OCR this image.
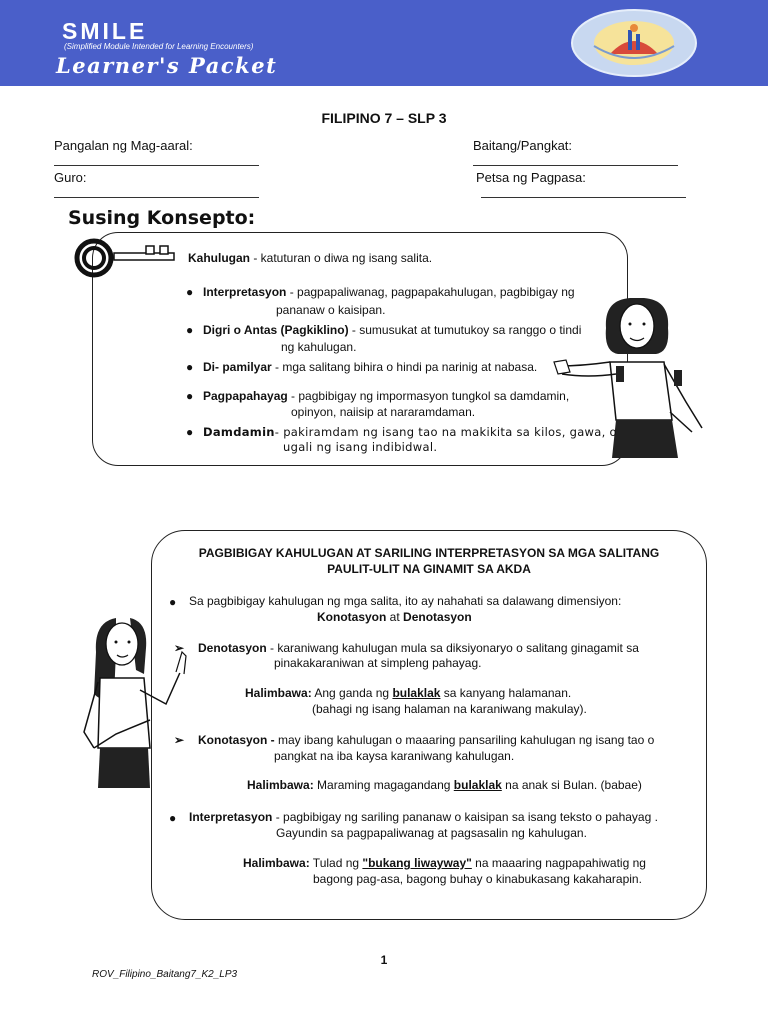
SMILE
(Simplified Module Intended for Learning Encounters)
Learner's Packet
FILIPINO 7 – SLP 3
Pangalan ng Mag-aaral:	Baitang/Pangkat:
Guro:	Petsa ng Pagpasa:
Susing Konsepto:
Kahulugan - katuturan o diwa ng isang salita.
● Interpretasyon - pagpapaliwanag, pagpapakahulugan, pagbibigay ng
pananaw o kaisipan.
● Digri o Antas (Pagkiklino) - sumusukat at tumutukoy sa ranggo o tindi
ng kahulugan.
● Di- pamilyar - mga salitang bihira o hindi pa narinig at nabasa.
● Pagpapahayag - pagbibigay ng impormasyon tungkol sa damdamin,
opinyon, naiisip at nararamdaman.
● Damdamin- pakiramdam ng isang tao na makikita sa kilos, gawa, o
ugali ng isang indibidwal.
PAGBIBIGAY KAHULUGAN AT SARILING INTERPRETASYON SA MGA SALITANG
PAULIT-ULIT NA GINAMIT SA AKDA
● Sa pagbibigay kahulugan ng mga salita, ito ay nahahati sa dalawang dimensiyon:
Konotasyon at Denotasyon
➢ Denotasyon - karaniwang kahulugan mula sa diksiyonaryo o salitang ginagamit sa
pinakakaraniwan at simpleng pahayag.
Halimbawa: Ang ganda ng bulaklak sa kanyang halamanan.
(bahagi ng isang halaman na karaniwang makulay).
➢ Konotasyon - may ibang kahulugan o maaaring pansariling kahulugan ng isang tao o
pangkat na iba kaysa karaniwang kahulugan.
Halimbawa: Maraming magagandang bulaklak na anak si Bulan. (babae)
● Interpretasyon - pagbibigay ng sariling pananaw o kaisipan sa isang teksto o pahayag .
Gayundin sa pagpapaliwanag at pagsasalin ng kahulugan.
Halimbawa: Tulad ng "bukang liwayway" na maaaring nagpapahiwatig ng
bagong pag-asa, bagong buhay o kinabukasang kakaharapin.
1
ROV_Filipino_Baitang7_K2_LP3
